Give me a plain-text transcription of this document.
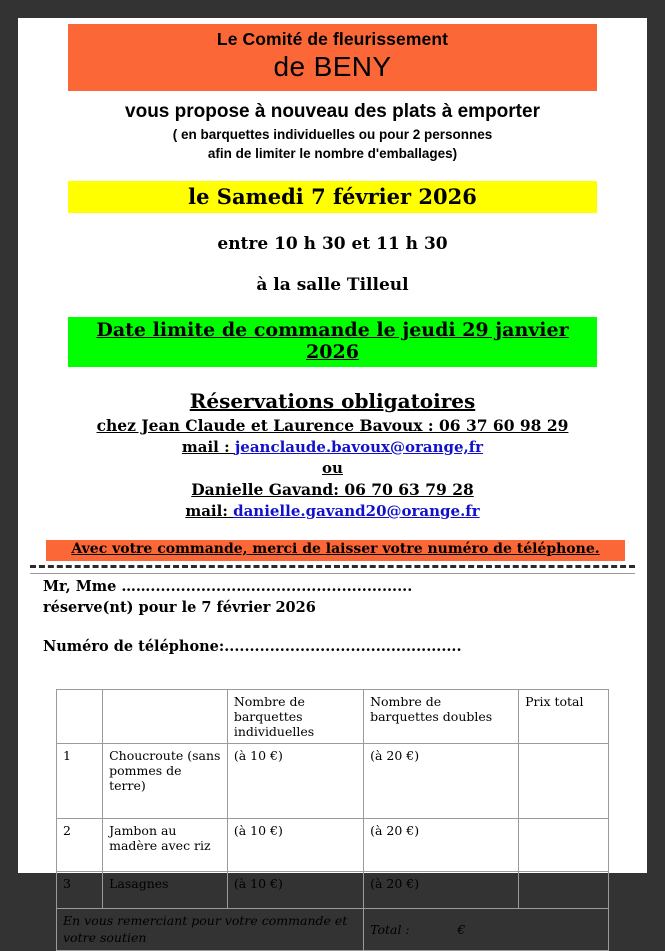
Le Comité de fleurissement
de BENY
vous propose à nouveau des plats à emporter
( en barquettes individuelles ou pour 2 personnes
afin de limiter le nombre d'emballages)
le Samedi 7 février 2026
entre 10 h 30 et 11 h 30
à la salle Tilleul
Date limite de commande le jeudi 29 janvier 2026
Réservations obligatoires
chez Jean Claude et Laurence Bavoux : 06 37 60 98 29
mail : jeanclaude.bavoux@orange,fr
ou
Danielle Gavand: 06 70 63 79 28
mail: danielle.gavand20@orange.fr
Avec votre commande, merci de laisser votre numéro de téléphone.
Mr, Mme …….................…................................
réserve(nt) pour le 7 février 2026
Numéro de téléphone:...............................................
		Nombre de barquettes individuelles	Nombre de barquettes doubles	Prix total
1	Choucroute (sans pommes de terre)	(à 10 €)	(à 20 €)	
2	Jambon au madère avec riz	(à 10 €)	(à 20 €)	
3	Lasagnes	(à 10 €)	(à 20 €)	
En vous remerciant pour votre commande et votre soutien			Total :            €	
